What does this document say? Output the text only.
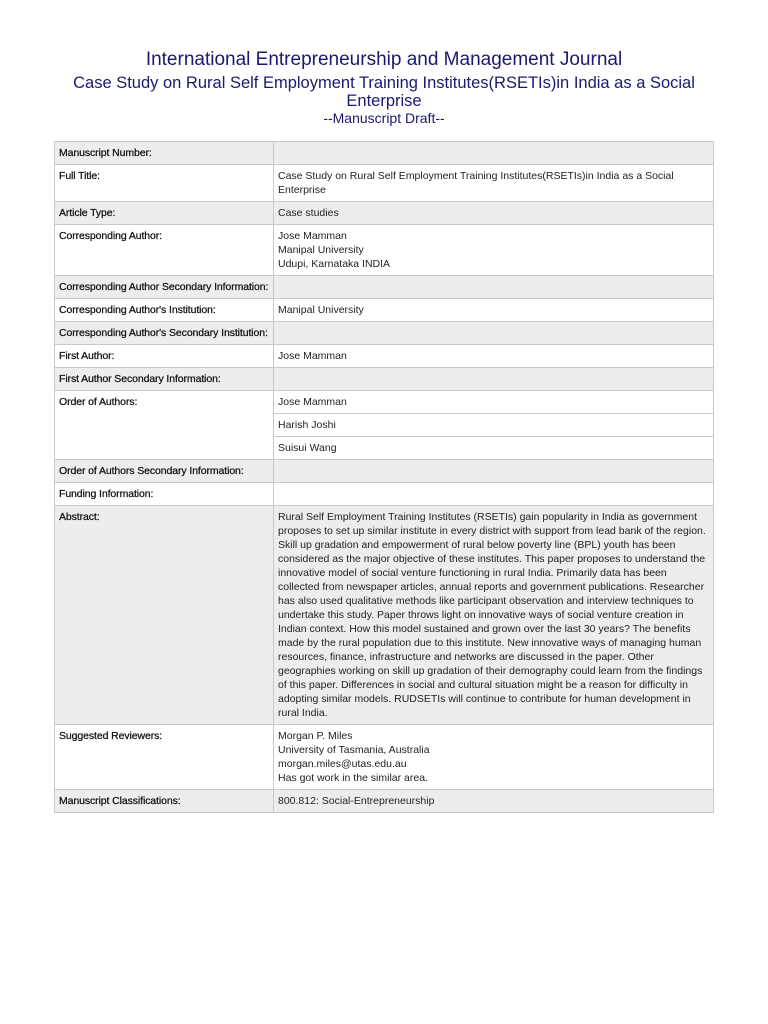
International Entrepreneurship and Management Journal
Case Study on Rural Self Employment Training Institutes(RSETIs)in India as a Social Enterprise

--Manuscript Draft--

Manuscript Number:	
Full Title:	Case Study on Rural Self Employment Training Institutes(RSETIs)in India as a Social Enterprise
Article Type:	Case studies
Corresponding Author:	Jose Mamman
Manipal University
Udupi, Karnataka INDIA

Corresponding Author Secondary Information:	
Corresponding Author's Institution:	Manipal University
Corresponding Author's Secondary Institution:	
First Author:	Jose Mamman
First Author Secondary Information:	
Order of Authors:	Jose Mamman
	Harish Joshi
	Suisui Wang
Order of Authors Secondary Information:	
Funding Information:	
Abstract:	Rural Self Employment Training Institutes (RSETIs) gain popularity in India as government proposes to set up similar institute in every district with support from lead bank of the region. Skill up gradation and empowerment of rural below poverty line (BPL) youth has been considered as the major objective of these institutes. This paper proposes to understand the innovative model of social venture functioning in rural India. Primarily data has been collected from newspaper articles, annual reports and government publications. Researcher has also used qualitative methods like participant observation and interview techniques to undertake this study. Paper throws light on innovative ways of social venture creation in Indian context. How this model sustained and grown over the last 30 years? The benefits made by the rural population due to this institute. New innovative ways of managing human resources, finance, infrastructure and networks are discussed in the paper. Other geographies working on skill up gradation of their demography could learn from the findings of this paper. Differences in social and cultural situation might be a reason for difficulty in adopting similar models. RUDSETIs will continue to contribute for human development in rural India.
Suggested Reviewers:	Morgan P. Miles
University of Tasmania, Australia
morgan.miles@utas.edu.au
Has got work in the similar area.

Manuscript Classifications:	800.812: Social-Entrepreneurship
